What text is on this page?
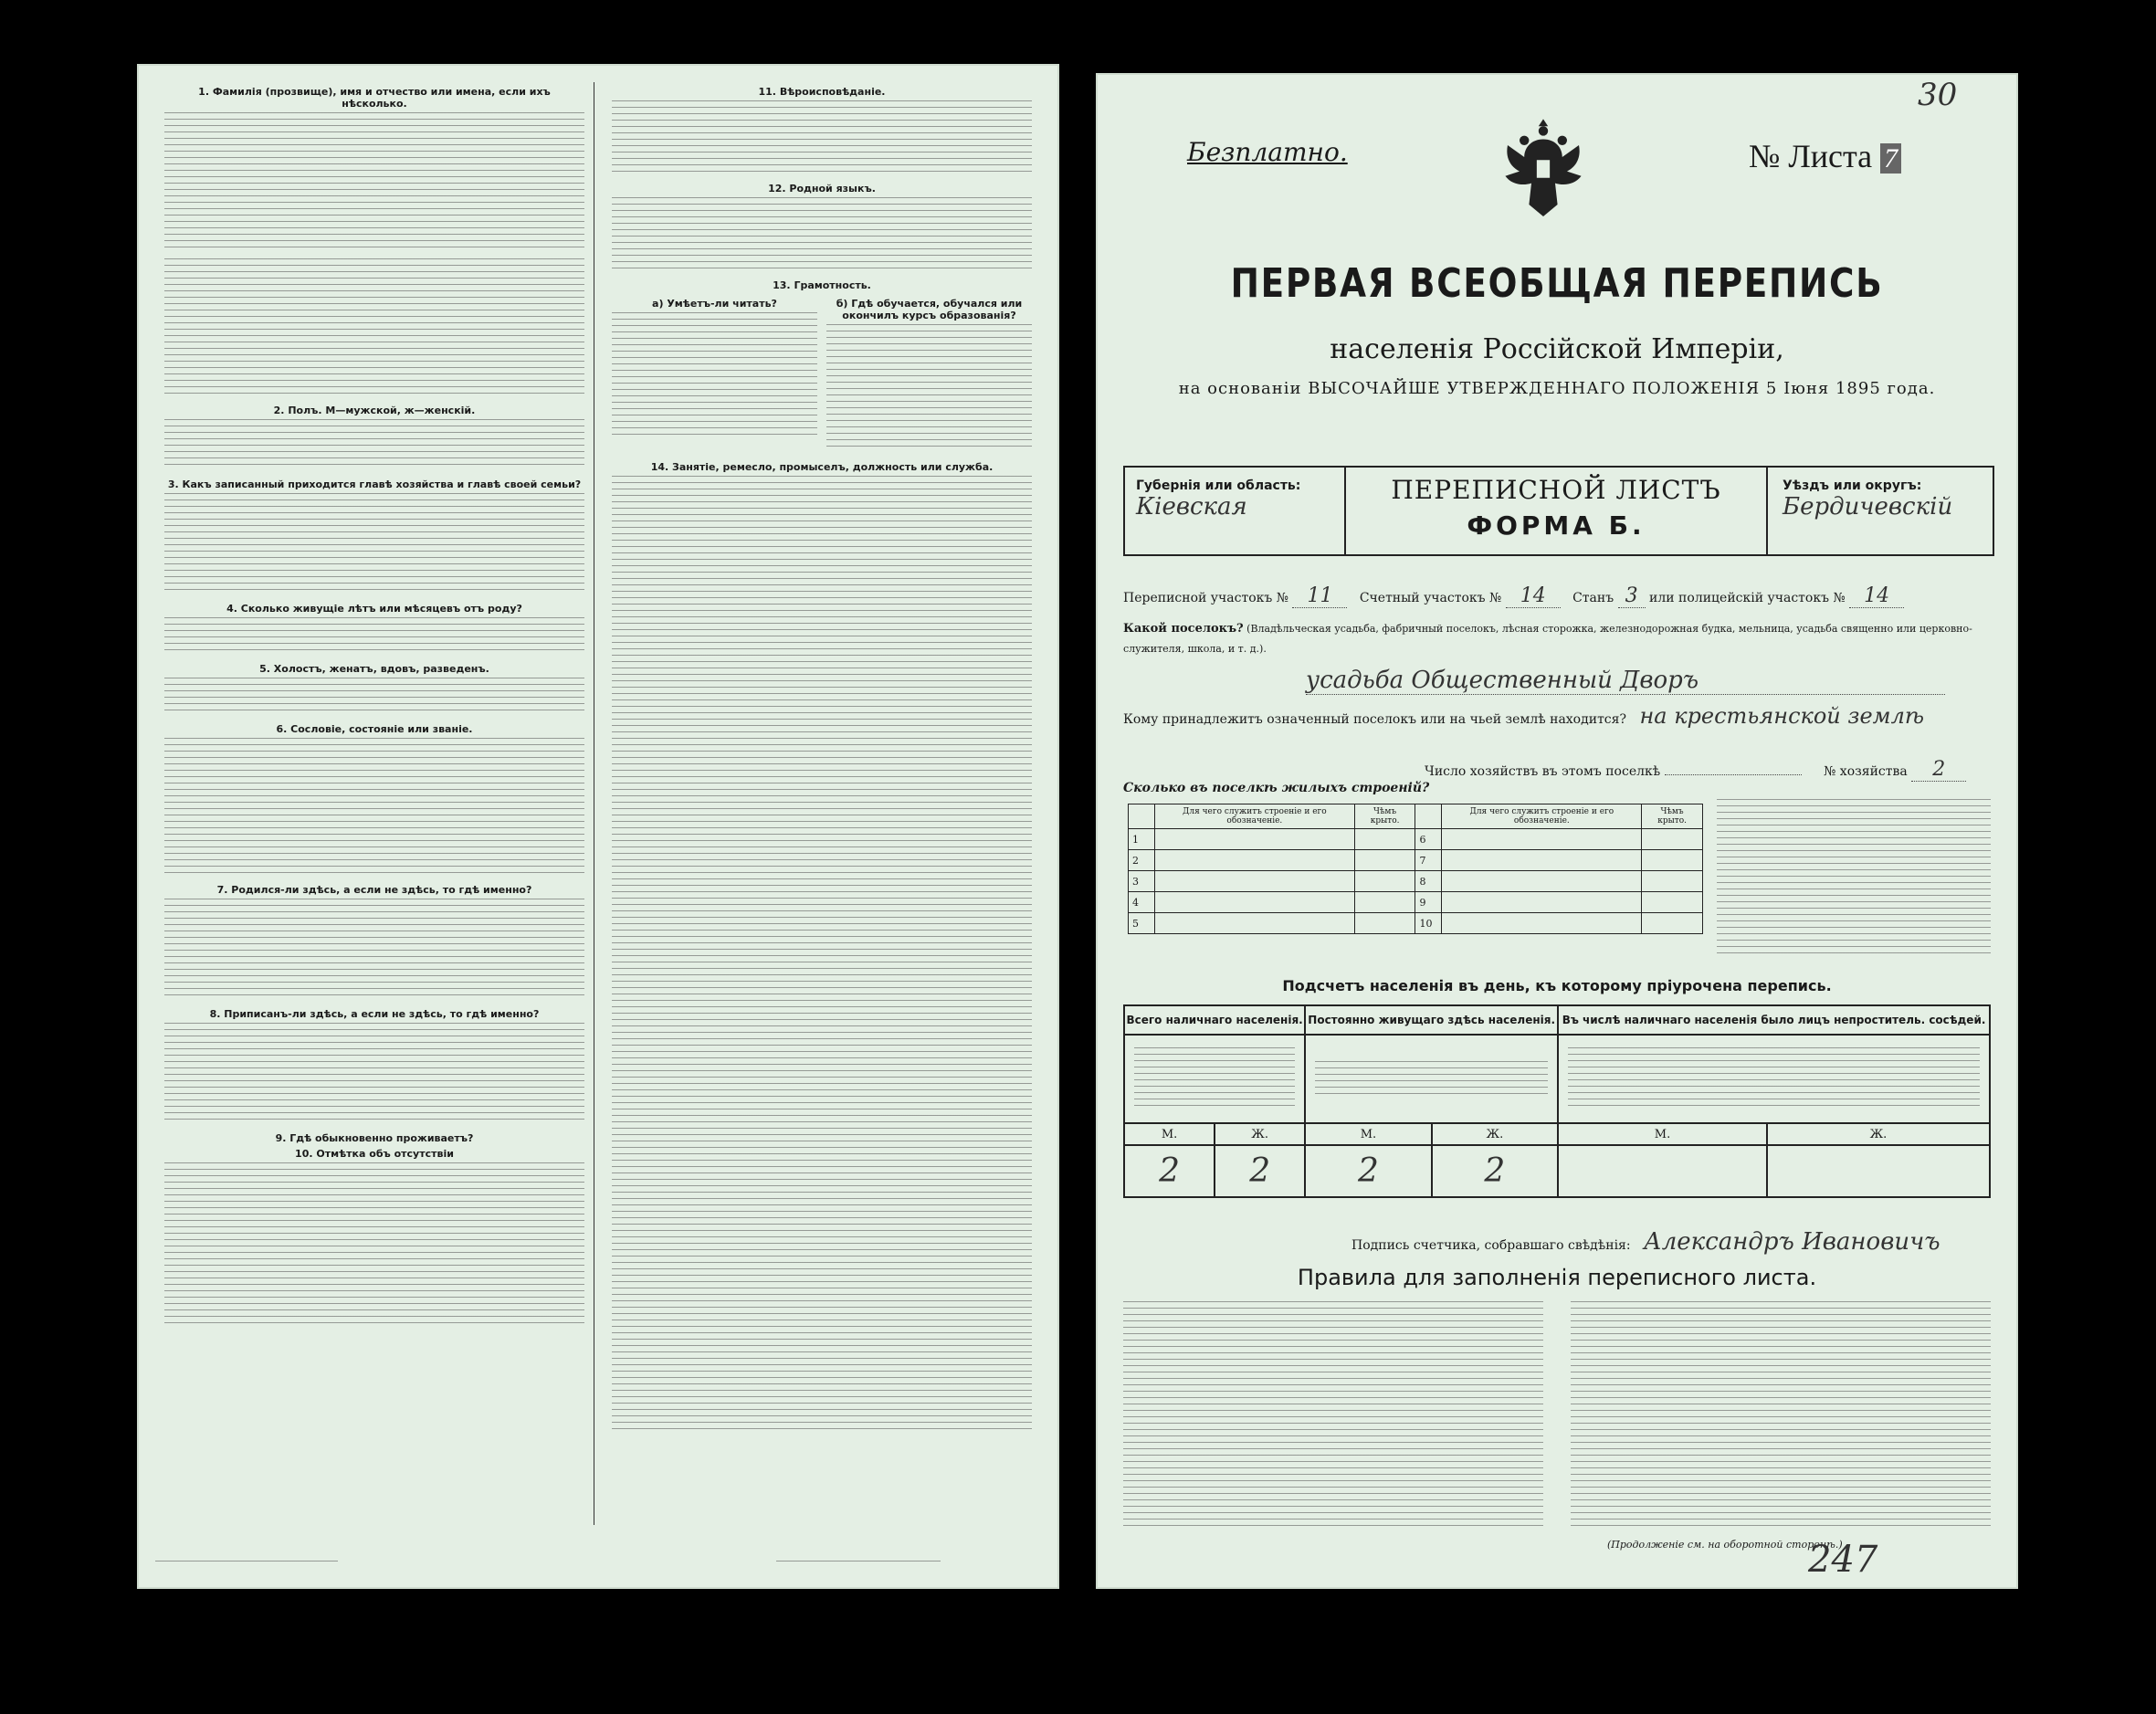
1. Фамилія (прозвище), имя и отчество или имена, если ихъ нѣсколько.
2. Полъ. М—мужской, ж—женскій.
3. Какъ записанный приходится главѣ хозяйства и главѣ своей семьи?
4. Сколько живущіе лѣтъ или мѣсяцевъ отъ роду?
5. Холостъ, женатъ, вдовъ, разведенъ.
6. Сословіе, состояніе или званіе.
7. Родился-ли здѣсь, а если не здѣсь, то гдѣ именно?
8. Приписанъ-ли здѣсь, а если не здѣсь, то гдѣ именно?
9. Гдѣ обыкновенно проживаетъ?
10. Отмѣтка объ отсутствіи
11. Вѣроисповѣданіе.
12. Родной языкъ.
13. Грамотность.
а) Умѣетъ-ли читать?	б) Гдѣ обучается, обучался или окончилъ курсъ образованія?
14. Занятіе, ремесло, промыселъ, должность или служба.
30
Безплатно.	№ Листа 7
ПЕРВАЯ ВСЕОБЩАЯ ПЕРЕПИСЬ
населенія Россійской Имперіи,
на основаніи ВЫСОЧАЙШЕ УТВЕРЖДЕННАГО ПОЛОЖЕНІЯ 5 Іюня 1895 года.
Губернія или область:
Кіевская
ПЕРЕПИСНОЙ ЛИСТЪ
ФОРМА Б.
Уѣздъ или округъ:
Бердичевскій
Переписной участокъ № 11 Счетный участокъ № 14 Станъ 3 или полицейскій участокъ № 14
Какой поселокъ? (Владѣльческая усадьба, фабричный поселокъ, лѣсная сторожка, железнодорожная будка, мельница, усадьба священно или церковно-служителя, школа, и т. д.).
усадьба Общественный Дворъ
Кому принадлежитъ означенный поселокъ или на чьей землѣ находится? на крестьянской землѣ
Число хозяйствъ въ этомъ поселкѣ	№ хозяйства 2
Сколько въ поселкѣ жилыхъ строеній?
	Для чего служитъ строеніе и его обозначеніе.	Чѣмъ крыто.		Для чего служитъ строеніе и его обозначеніе.	Чѣмъ крыто.
1			6		
2			7		
3			8		
4			9		
5			10		
Подсчетъ населенія въ день, къ которому пріурочена перепись.
Всего наличнаго населенія.		Постоянно живущаго здѣсь населенія.		Въ числѣ наличнаго населенія было лицъ непроститель. сосѣдей.	

М.	Ж.	М.	Ж.	М.	Ж.
2	2	2	2		
Подпись счетчика, собравшаго свѣдѣнія: Александръ Ивановичъ
Правила для заполненія переписного листа.
(Продолженіе см. на оборотной сторонѣ.)
247
